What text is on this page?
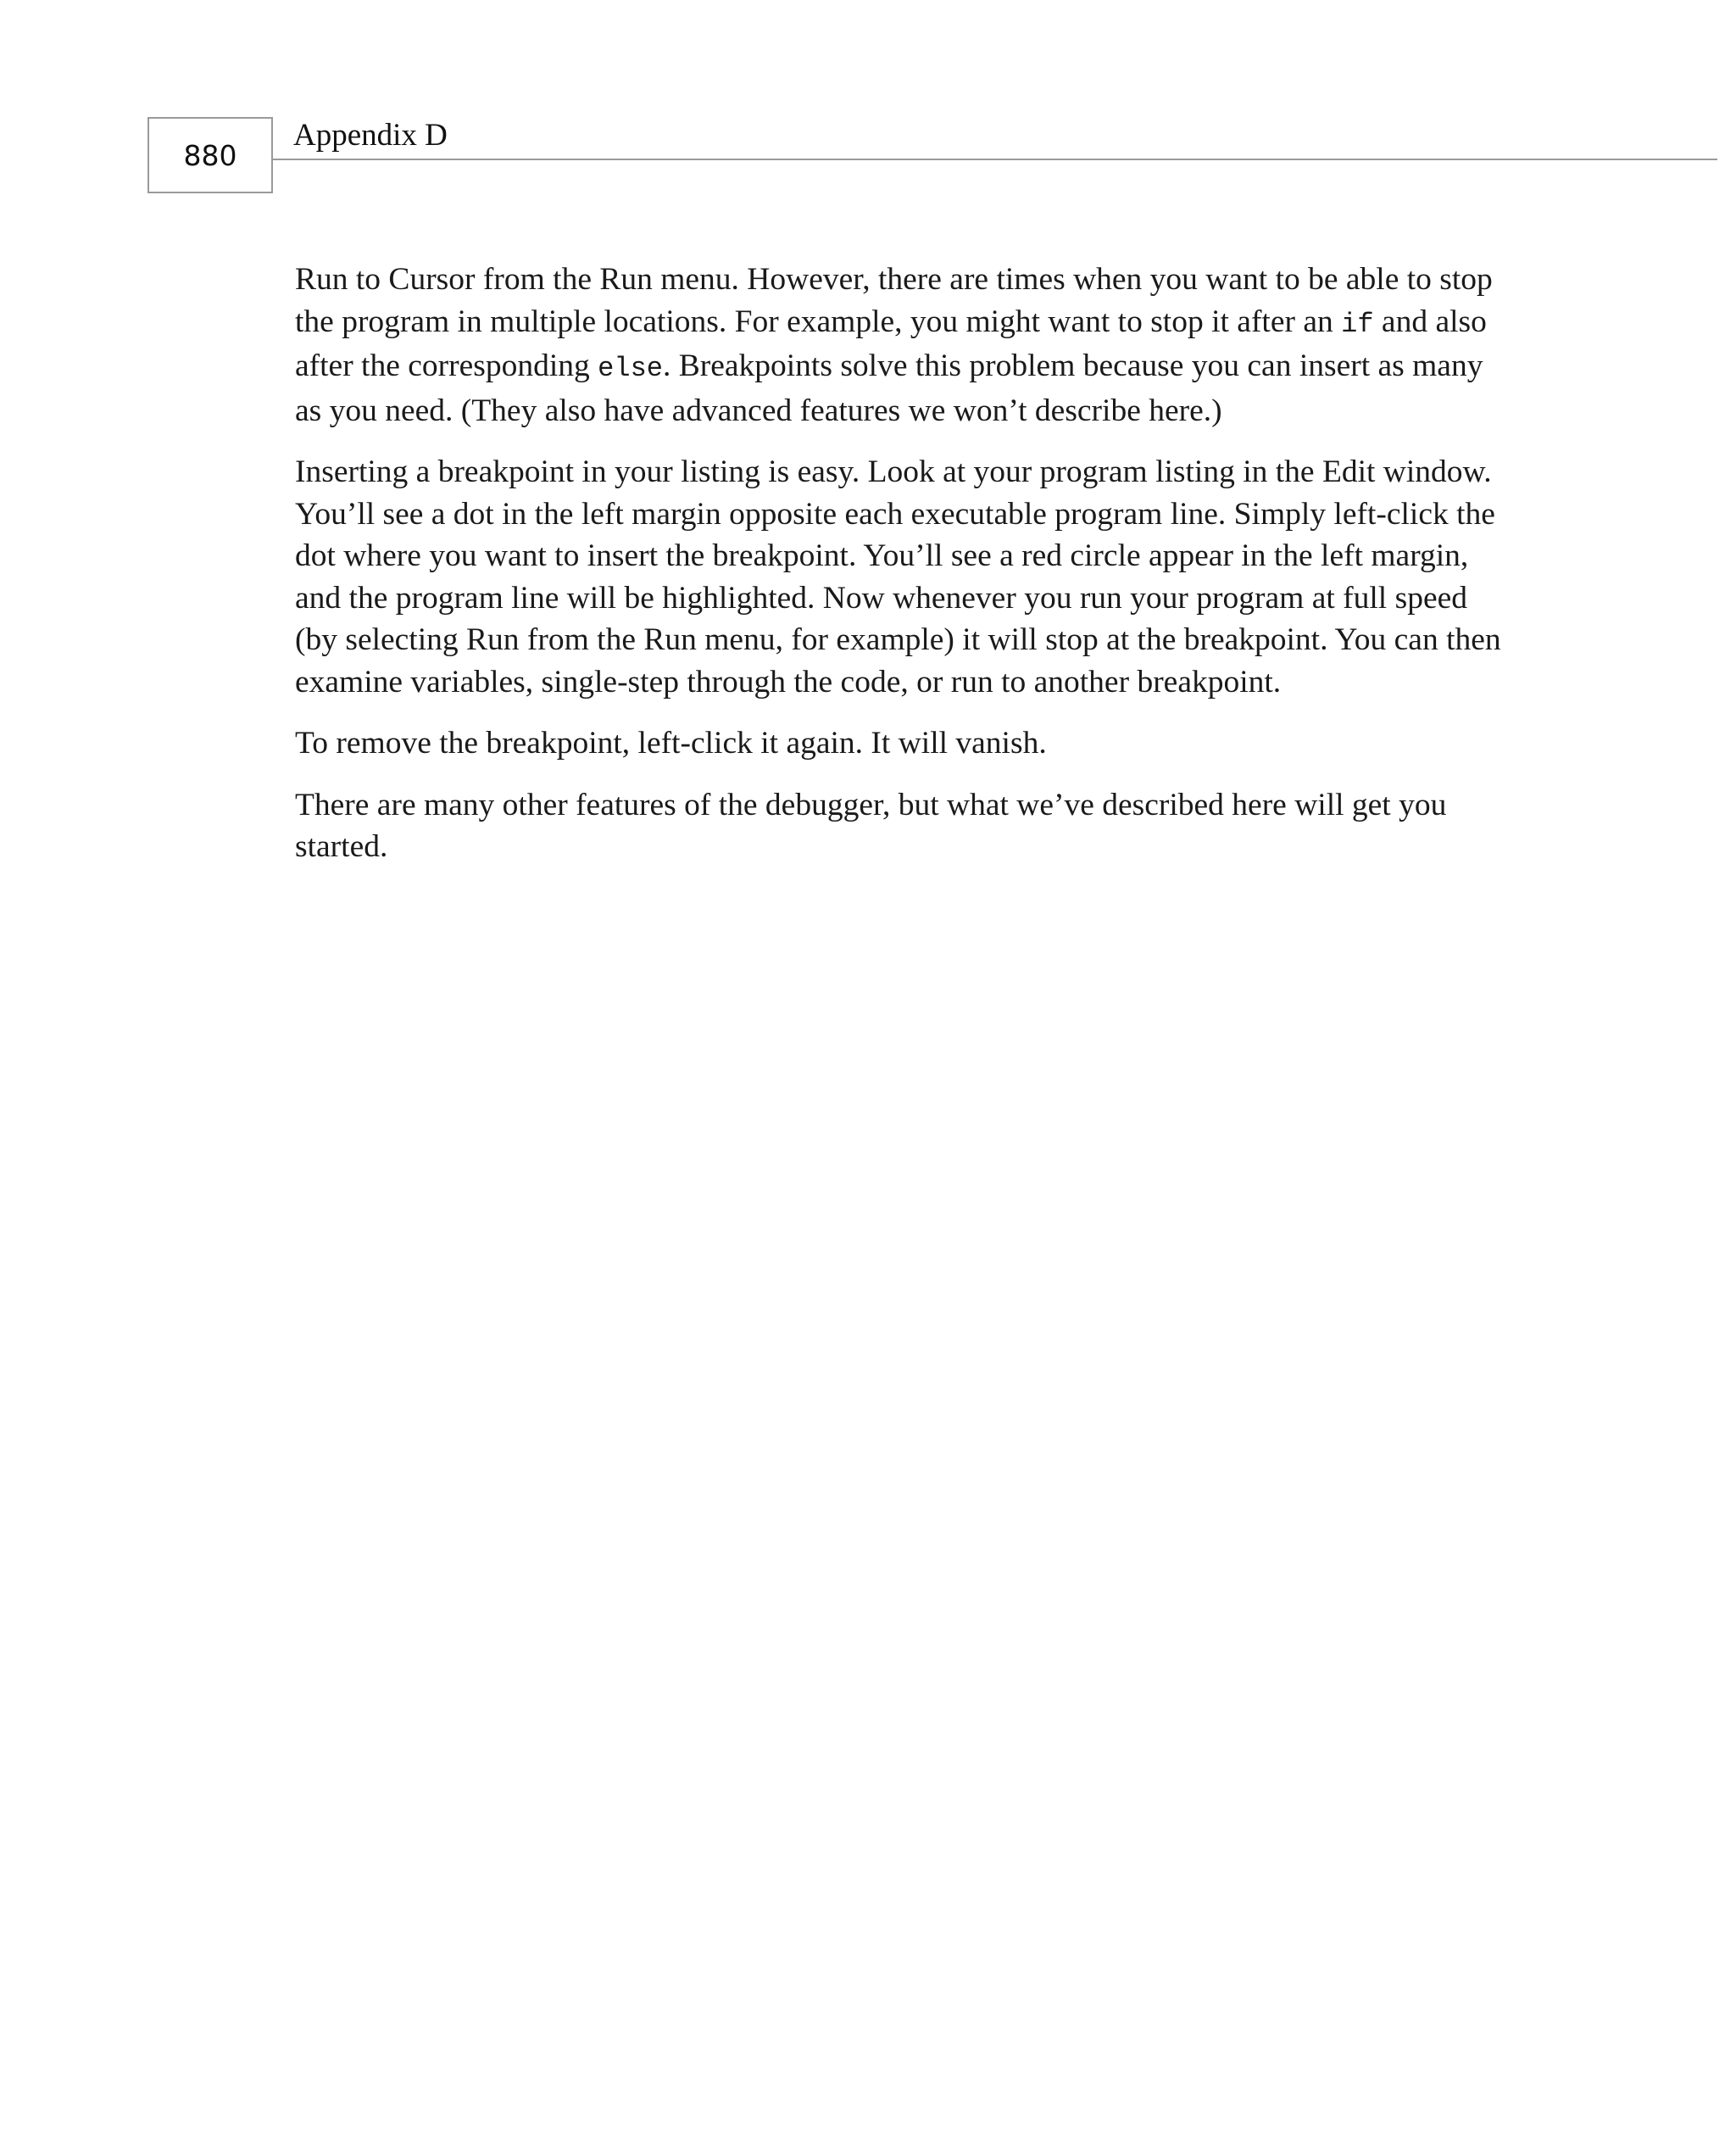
880
Appendix D

Run to Cursor from the Run menu. However, there are times when you want to be able to stop
the program in multiple locations. For example, you might want to stop it after an if and also
after the corresponding else. Breakpoints solve this problem because you can insert as many
as you need. (They also have advanced features we won’t describe here.)

Inserting a breakpoint in your listing is easy. Look at your program listing in the Edit window.
You’ll see a dot in the left margin opposite each executable program line. Simply left-click the
dot where you want to insert the breakpoint. You’ll see a red circle appear in the left margin,
and the program line will be highlighted. Now whenever you run your program at full speed
(by selecting Run from the Run menu, for example) it will stop at the breakpoint. You can then
examine variables, single-step through the code, or run to another breakpoint.

To remove the breakpoint, left-click it again. It will vanish.

There are many other features of the debugger, but what we’ve described here will get you
started.
